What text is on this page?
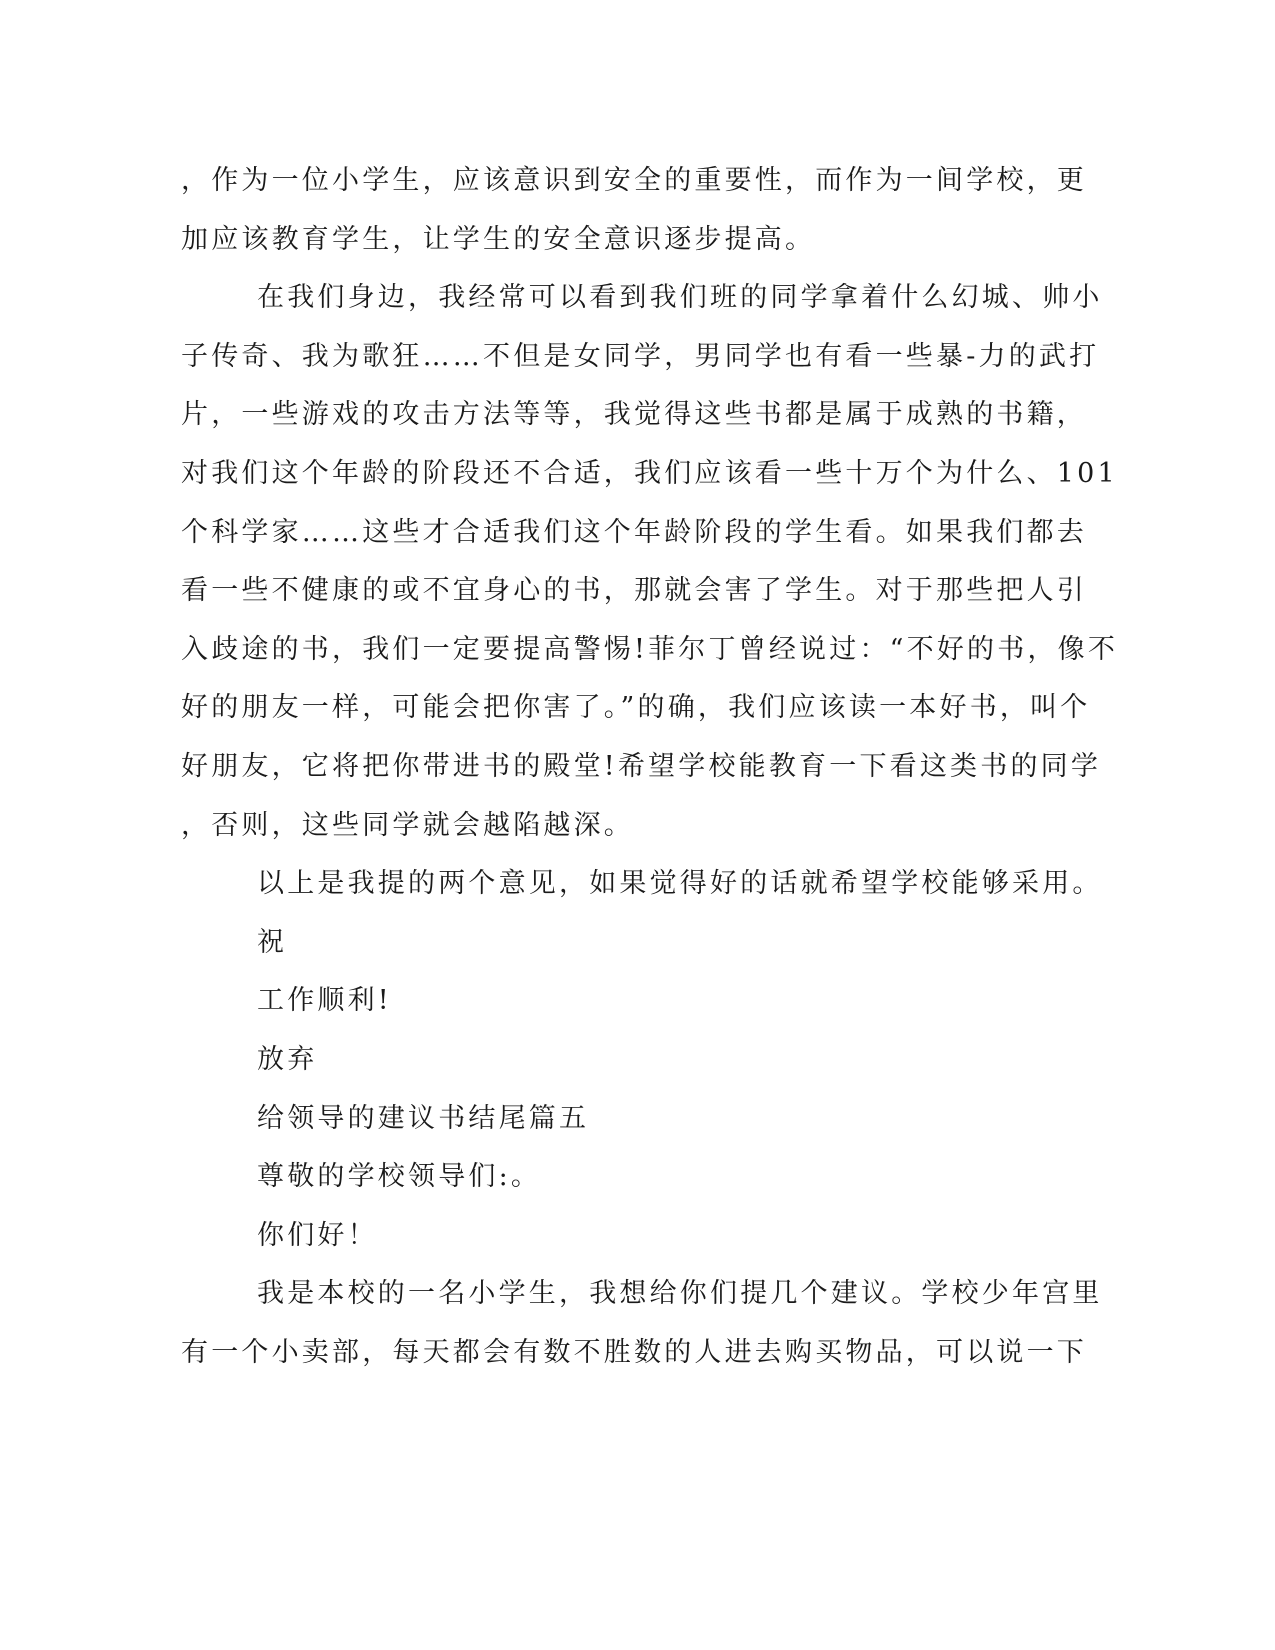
，作为一位小学生，应该意识到安全的重要性，而作为一间学校，更
加应该教育学生，让学生的安全意识逐步提高。
在我们身边，我经常可以看到我们班的同学拿着什么幻城、帅小
子传奇、我为歌狂……不但是女同学，男同学也有看一些暴-力的武打
片，一些游戏的攻击方法等等，我觉得这些书都是属于成熟的书籍，
对我们这个年龄的阶段还不合适，我们应该看一些十万个为什么、101
个科学家……这些才合适我们这个年龄阶段的学生看。如果我们都去
看一些不健康的或不宜身心的书，那就会害了学生。对于那些把人引
入歧途的书，我们一定要提高警惕!菲尔丁曾经说过：“不好的书，像不
好的朋友一样，可能会把你害了。”的确，我们应该读一本好书，叫个
好朋友，它将把你带进书的殿堂!希望学校能教育一下看这类书的同学
，否则，这些同学就会越陷越深。
以上是我提的两个意见，如果觉得好的话就希望学校能够采用。
祝
工作顺利!
放弃
给领导的建议书结尾篇五
尊敬的学校领导们:。
你们好！
我是本校的一名小学生，我想给你们提几个建议。学校少年宫里
有一个小卖部，每天都会有数不胜数的人进去购买物品，可以说一下
